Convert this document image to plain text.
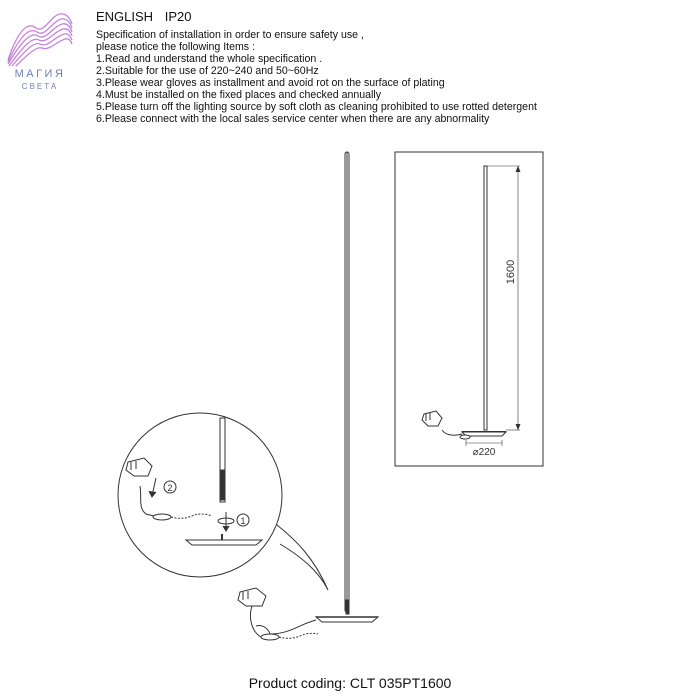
МАГИЯ
СВЕТА
ENGLISH IP20
Specification of installation in order to ensure safety use ,
please notice the following Items :
1.Read and understand the whole specification .
2.Suitable for the use of 220~240 and 50~60Hz
3.Please wear gloves as installment and avoid rot on the surface of plating
4.Must be installed on the fixed places and checked annually
5.Please turn off the lighting source by soft cloth as cleaning prohibited to use rotted detergent
6.Please connect with the local sales service center when there are any abnormality
1600
⌀220
2
1
Product coding: CLT 035PT1600
